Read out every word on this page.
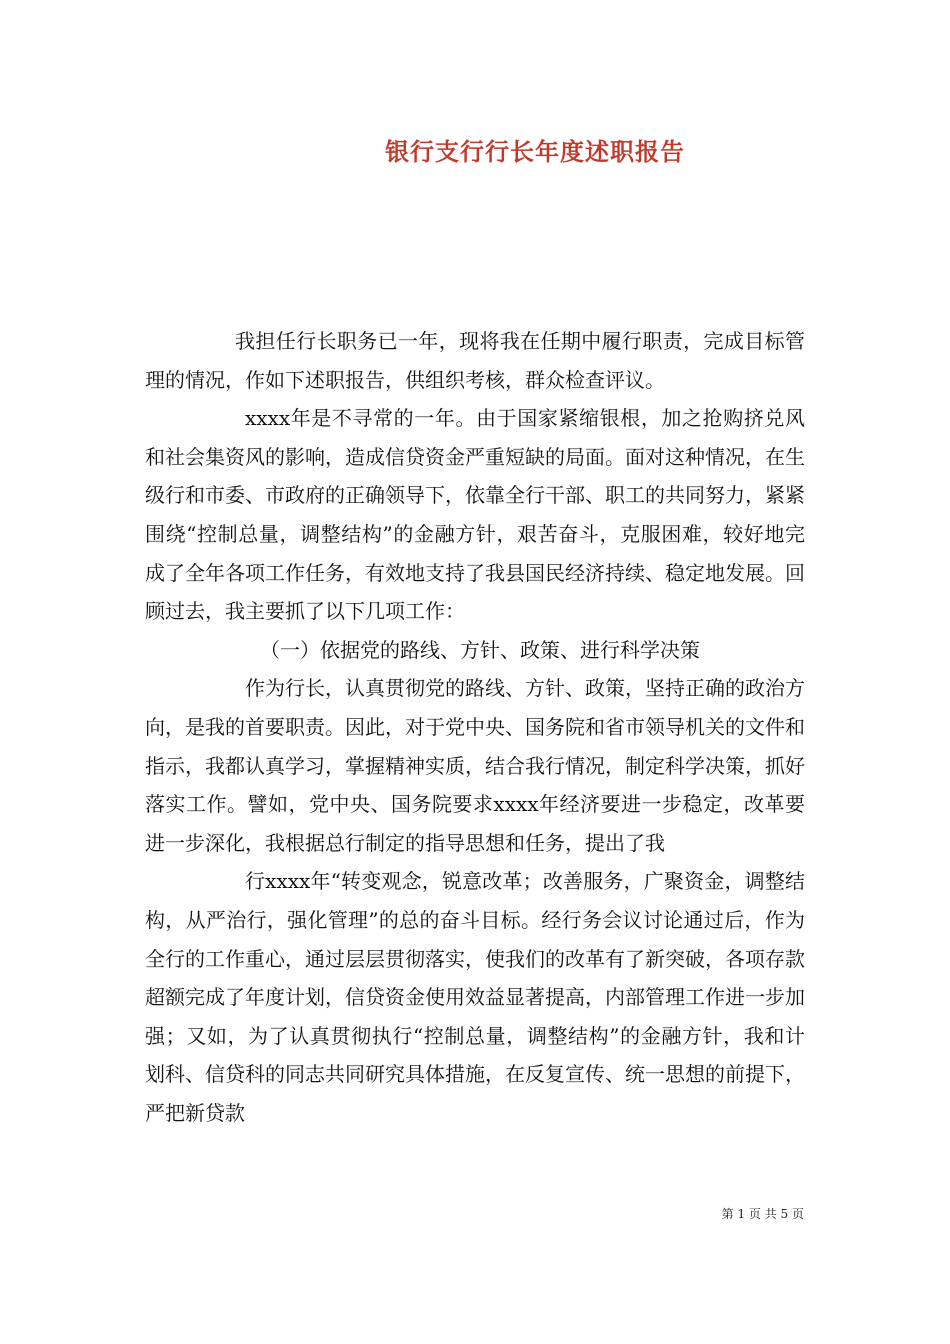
银行支行行长年度述职报告

我担任行长职务已一年，现将我在任期中履行职责，完成目标管理的情况，作如下述职报告，供组织考核，群众检查评议。

xxxx年是不寻常的一年。由于国家紧缩银根，加之抢购挤兑风和社会集资风的影响，造成信贷资金严重短缺的局面。面对这种情况，在生级行和市委、市政府的正确领导下，依靠全行干部、职工的共同努力，紧紧围绕“控制总量，调整结构”的金融方针，艰苦奋斗，克服困难，较好地完成了全年各项工作任务，有效地支持了我县国民经济持续、稳定地发展。回顾过去，我主要抓了以下几项工作：

（一）依据党的路线、方针、政策、进行科学决策

作为行长，认真贯彻党的路线、方针、政策，坚持正确的政治方向，是我的首要职责。因此，对于党中央、国务院和省市领导机关的文件和指示，我都认真学习，掌握精神实质，结合我行情况，制定科学决策，抓好落实工作。譬如，党中央、国务院要求xxxx年经济要进一步稳定，改革要进一步深化，我根据总行制定的指导思想和任务，提出了我

行xxxx年“转变观念，锐意改革；改善服务，广聚资金，调整结构，从严治行，强化管理”的总的奋斗目标。经行务会议讨论通过后，作为全行的工作重心，通过层层贯彻落实，使我们的改革有了新突破，各项存款超额完成了年度计划，信贷资金使用效益显著提高，内部管理工作进一步加强；又如，为了认真贯彻执行“控制总量，调整结构”的金融方针，我和计划科、信贷科的同志共同研究具体措施，在反复宣传、统一思想的前提下，严把新贷款

第 1 页 共 5 页
